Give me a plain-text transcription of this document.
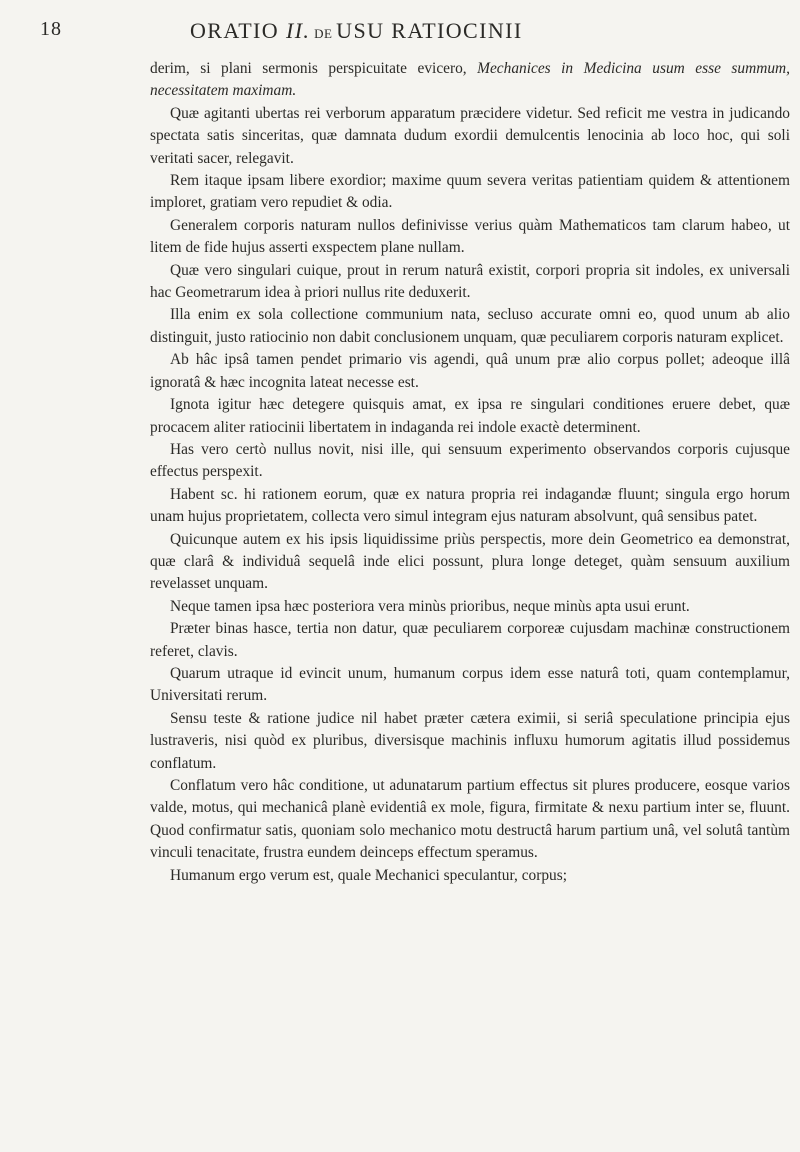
18	ORATIO II. DE USU RATIOCINII

derim, si plani sermonis perspicuitate evicero, Mechanices in Medicina usum esse summum, necessitatem maximam.

Quæ agitanti ubertas rei verborum apparatum præcidere videtur. Sed reficit me vestra in judicando spectata satis sinceritas, quæ damnata dudum exordii demulcentis lenocinia ab loco hoc, qui soli veritati sacer, relegavit.

Rem itaque ipsam libere exordior; maxime quum severa veritas patientiam quidem & attentionem imploret, gratiam vero repudiet & odia.

Generalem corporis naturam nullos definivisse verius quàm Mathematicos tam clarum habeo, ut litem de fide hujus asserti exspectem plane nullam.

Quæ vero singulari cuique, prout in rerum naturâ existit, corpori propria sit indoles, ex universali hac Geometrarum idea à priori nullus rite deduxerit.

Illa enim ex sola collectione communium nata, seclusо accurate omni eo, quod unum ab alio distinguit, justo ratiocinio non dabit conclusionem unquam, quæ peculiarem corporis naturam explicet.

Ab hâc ipsâ tamen pendet primario vis agendi, quâ unum præ alio corpus pollet; adeoque illâ ignoratâ & hæc incognita lateat necesse est.

Ignota igitur hæc detegere quisquis amat, ex ipsa re singulari conditiones eruere debet, quæ procacem aliter ratiocinii libertatem in indaganda rei indole exactè determinent.

Has vero certò nullus novit, nisi ille, qui sensuum experimento observandos corporis cujusque effectus perspexit.

Habent sc. hi rationem eorum, quæ ex natura propria rei indagandæ fluunt; singula ergo horum unam hujus proprietatem, collecta vero simul integram ejus naturam absolvunt, quâ sensibus patet.

Quicunque autem ex his ipsis liquidissime priùs perspectis, more dein Geometrico ea demonstrat, quæ clarâ & individuâ sequelâ inde elici possunt, plura longe deteget, quàm sensuum auxilium revelasset unquam.

Neque tamen ipsa hæc posteriora vera minùs prioribus, neque minùs apta usui erunt.

Præter binas hasce, tertia non datur, quæ peculiarem corporeæ cujusdam machinæ constructionem referet, clavis.

Quarum utraque id evincit unum, humanum corpus idem esse naturâ toti, quam contemplamur, Universitati rerum.

Sensu teste & ratione judice nil habet præter cætera eximii, si seriâ speculatione principia ejus lustraveris, nisi quòd ex pluribus, diversisque machinis influxu humorum agitatis illud possidemus conflatum.

Conflatum vero hâc conditione, ut adunatarum partium effectus sit plures producere, eosque varios valde, motus, qui mechanicâ planè evidentiâ ex mole, figura, firmitate & nexu partium inter se, fluunt. Quod confirmatur satis, quoniam solo mechanico motu destructâ harum partium unâ, vel solutâ tantùm vinculi tenacitate, frustra eundem deinceps effectum speramus.

Humanum ergo verum est, quale Mechanici speculantur, corpus;
